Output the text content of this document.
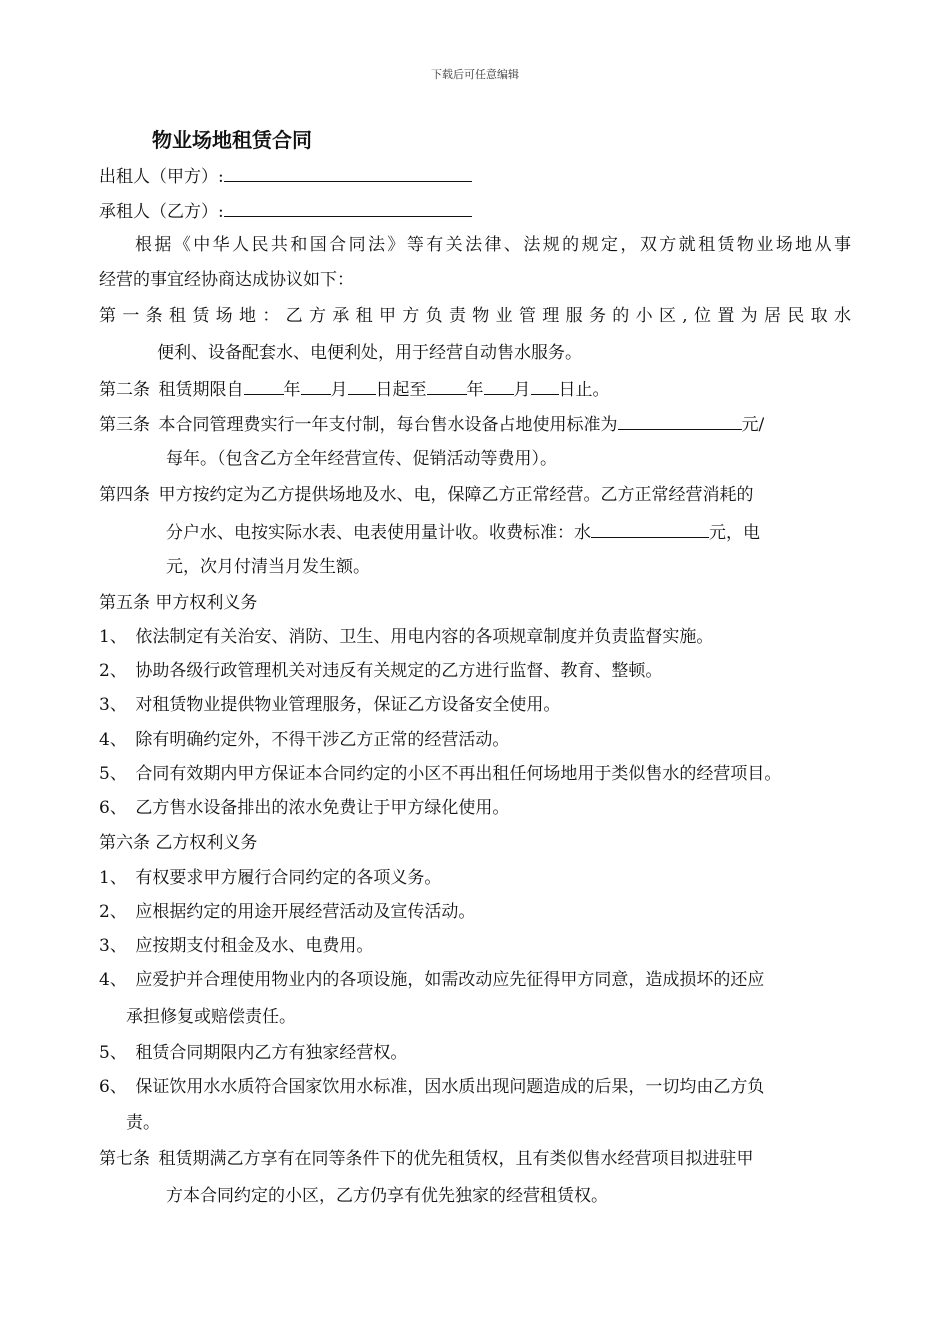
下载后可任意编辑
物业场地租赁合同
出租人（甲方）:
承租人（乙方）:
根据《中华人民共和国合同法》等有关法律、法规的规定，双方就租赁物业场地从事
经营的事宜经协商达成协议如下：
第一条租赁场地：乙方承租甲方负责物业管理服务的小区,位置为居民取水
便利、设备配套水、电便利处，用于经营自动售水服务。
第二条  租赁期限自 年 月 日起至 年 月 日止。
第三条  本合同管理费实行一年支付制，每台售水设备占地使用标准为	元/
每年。（包含乙方全年经营宣传、促销活动等费用）。
第四条  甲方按约定为乙方提供场地及水、电，保障乙方正常经营。乙方正常经营消耗的
分户水、电按实际水表、电表使用量计收。收费标准：水	元，电
元，次月付清当月发生额。
第五条 甲方权利义务
1、  依法制定有关治安、消防、卫生、用电内容的各项规章制度并负责监督实施。
2、  协助各级行政管理机关对违反有关规定的乙方进行监督、教育、整顿。
3、  对租赁物业提供物业管理服务，保证乙方设备安全使用。
4、  除有明确约定外，不得干涉乙方正常的经营活动。
5、  合同有效期内甲方保证本合同约定的小区不再出租任何场地用于类似售水的经营项目。
6、  乙方售水设备排出的浓水免费让于甲方绿化使用。
第六条 乙方权利义务
1、  有权要求甲方履行合同约定的各项义务。
2、  应根据约定的用途开展经营活动及宣传活动。
3、  应按期支付租金及水、电费用。
4、  应爱护并合理使用物业内的各项设施，如需改动应先征得甲方同意，造成损坏的还应
承担修复或赔偿责任。
5、  租赁合同期限内乙方有独家经营权。
6、  保证饮用水水质符合国家饮用水标准，因水质出现问题造成的后果，一切均由乙方负
责。
第七条  租赁期满乙方享有在同等条件下的优先租赁权，且有类似售水经营项目拟进驻甲
方本合同约定的小区，乙方仍享有优先独家的经营租赁权。
